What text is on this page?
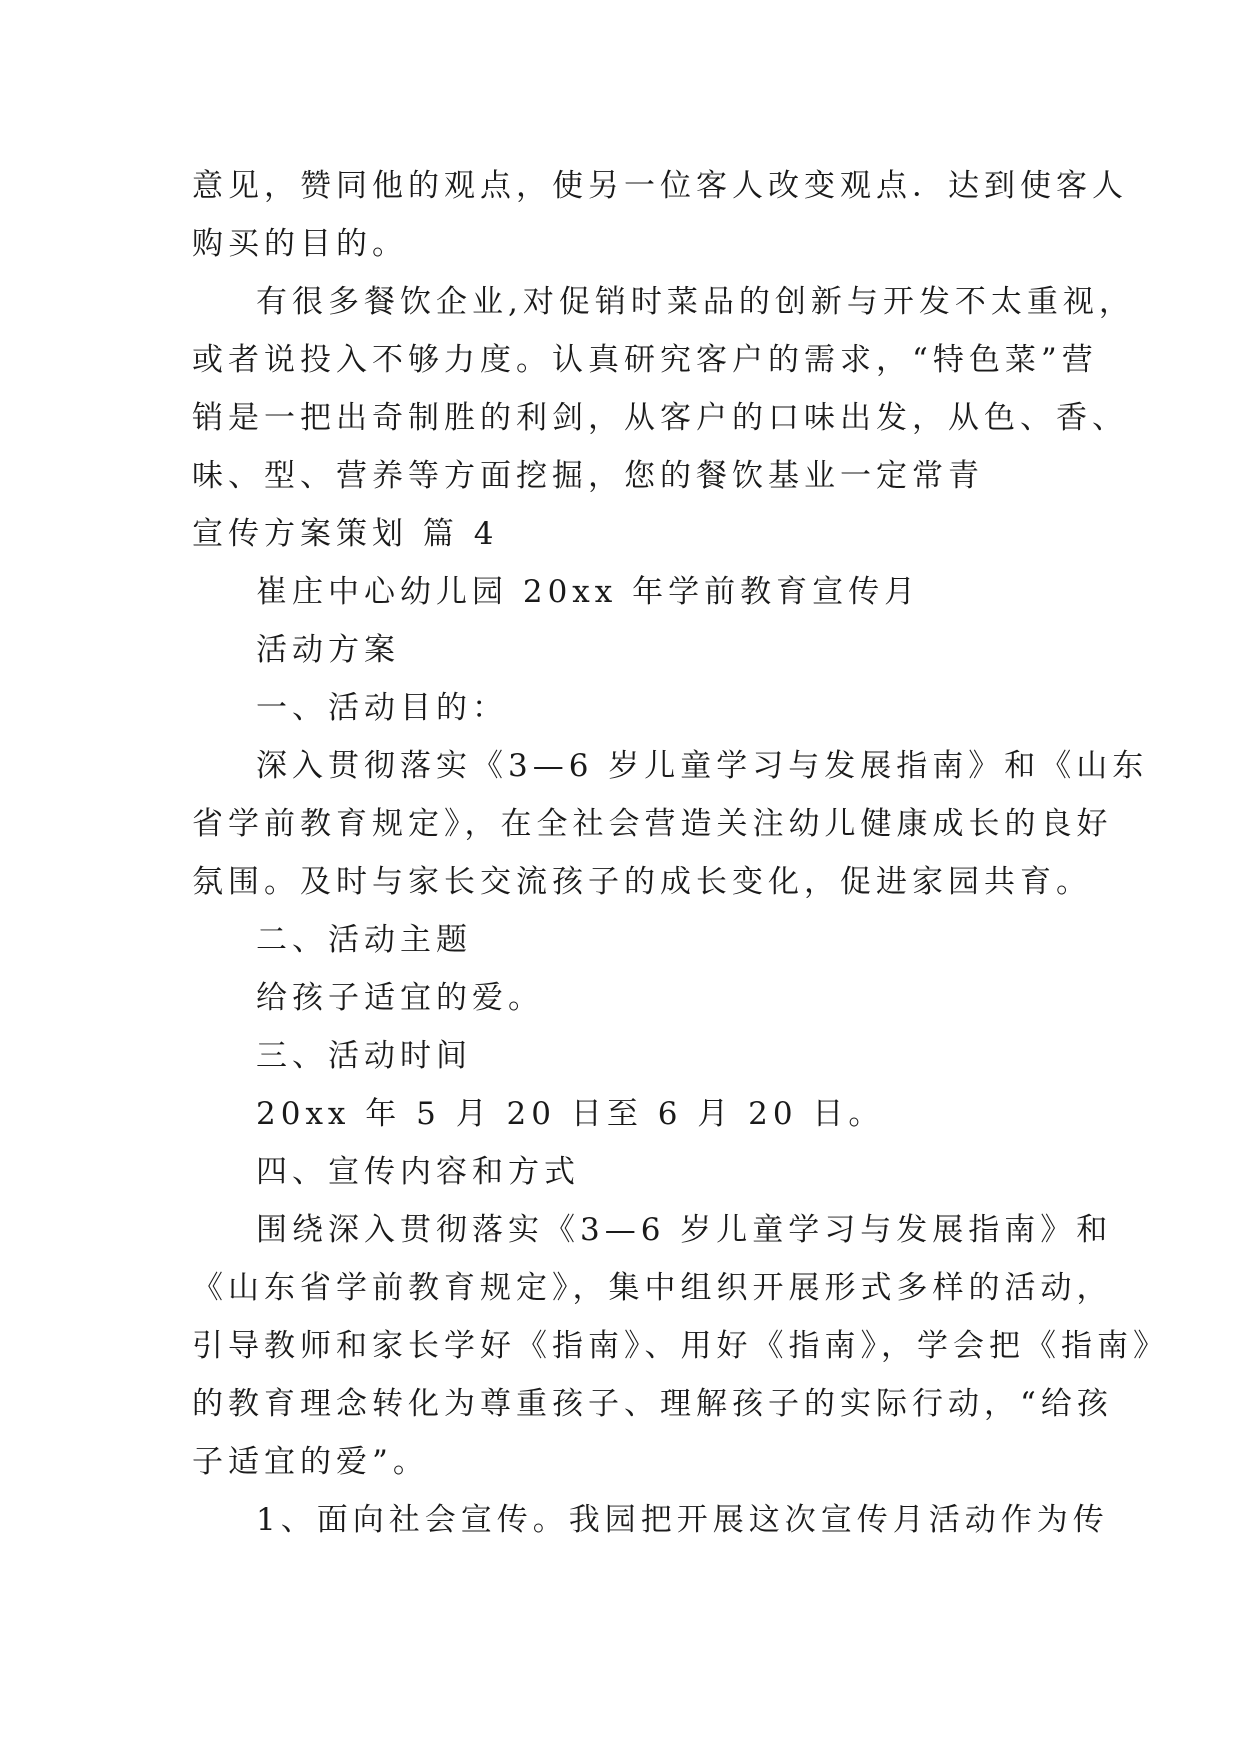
意见，赞同他的观点，使另一位客人改变观点．达到使客人
购买的目的。
有很多餐饮企业,对促销时菜品的创新与开发不太重视，
或者说投入不够力度。认真研究客户的需求，“特色菜”营
销是一把出奇制胜的利剑，从客户的口味出发，从色、香、
味、型、营养等方面挖掘，您的餐饮基业一定常青
宣传方案策划 篇 4
崔庄中心幼儿园 20xx 年学前教育宣传月
活动方案
一、活动目的：
深入贯彻落实《3—6 岁儿童学习与发展指南》和《山东
省学前教育规定》，在全社会营造关注幼儿健康成长的良好
氛围。及时与家长交流孩子的成长变化，促进家园共育。
二、活动主题
给孩子适宜的爱。
三、活动时间
20xx 年 5 月 20 日至 6 月 20 日。
四、宣传内容和方式
围绕深入贯彻落实《3—6 岁儿童学习与发展指南》和
《山东省学前教育规定》，集中组织开展形式多样的活动，
引导教师和家长学好《指南》、用好《指南》，学会把《指南》
的教育理念转化为尊重孩子、理解孩子的实际行动，“给孩
子适宜的爱”。
1、面向社会宣传。我园把开展这次宣传月活动作为传
